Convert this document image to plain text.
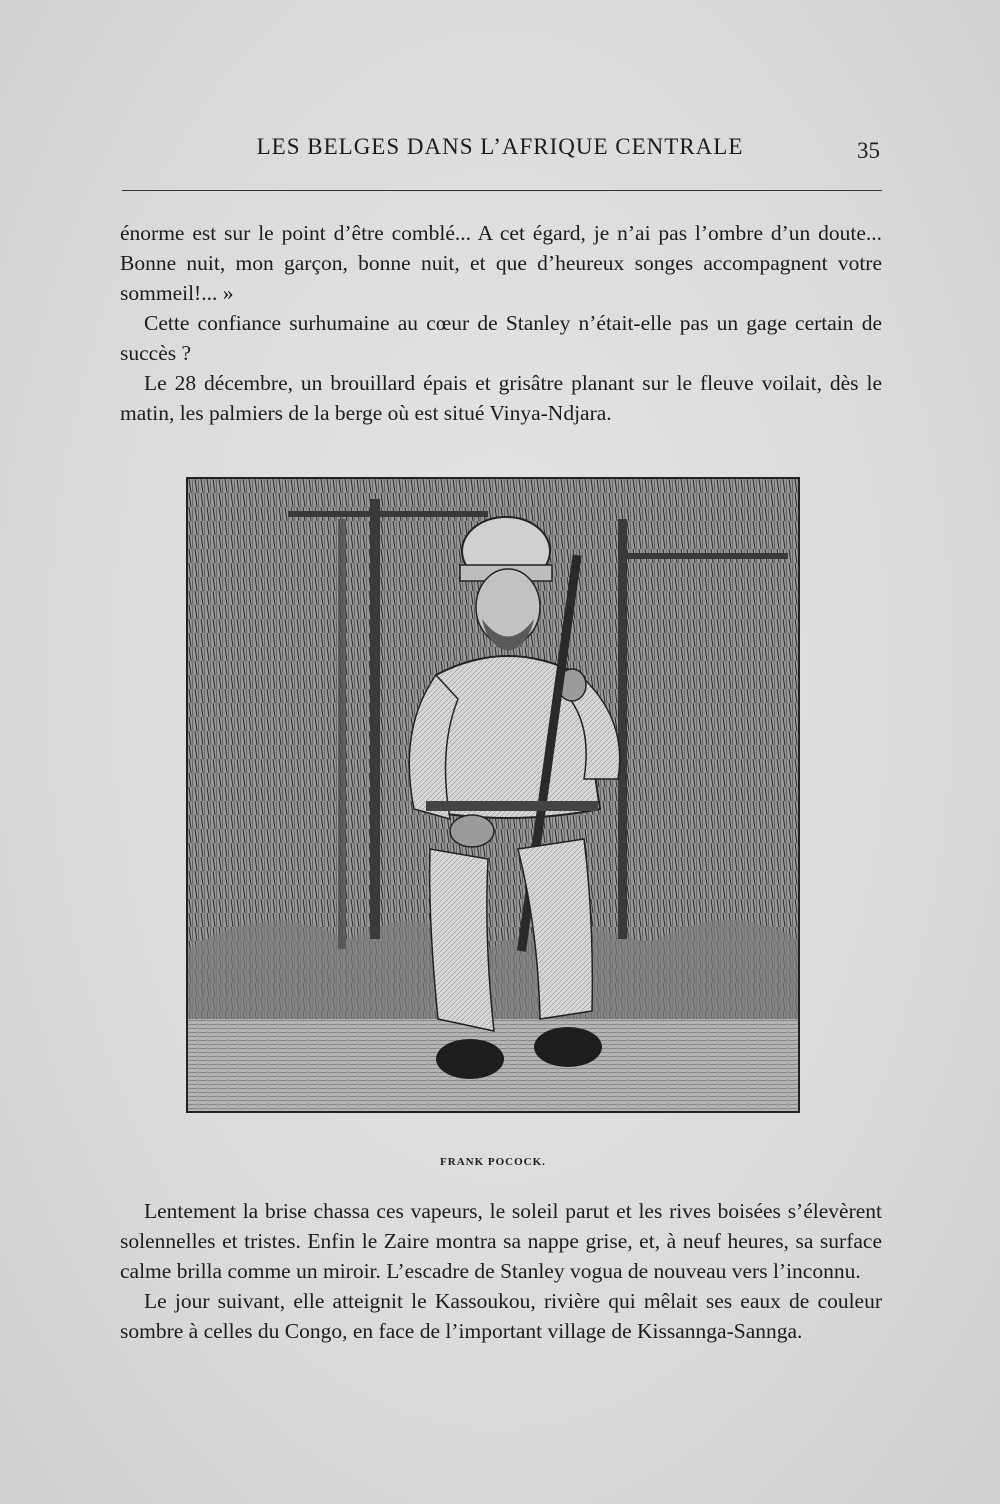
LES BELGES DANS L’AFRIQUE CENTRALE	35

énorme est sur le point d’être comblé... A cet égard, je n’ai pas l’ombre d’un doute... Bonne nuit, mon garçon, bonne nuit, et que d’heureux songes accompagnent votre sommeil!... »

Cette confiance surhumaine au cœur de Stanley n’était-elle pas un gage certain de succès ?

Le 28 décembre, un brouillard épais et grisâtre planant sur le fleuve voilait, dès le matin, les palmiers de la berge où est situé Vinya-Ndjara.

FRANK POCOCK.

Lentement la brise chassa ces vapeurs, le soleil parut et les rives boisées s’élevèrent solennelles et tristes. Enfin le Zaire montra sa nappe grise, et, à neuf heures, sa surface calme brilla comme un miroir. L’escadre de Stanley vogua de nouveau vers l’inconnu.

Le jour suivant, elle atteignit le Kassoukou, rivière qui mêlait ses eaux de couleur sombre à celles du Congo, en face de l’important village de Kissannga-Sannga.
